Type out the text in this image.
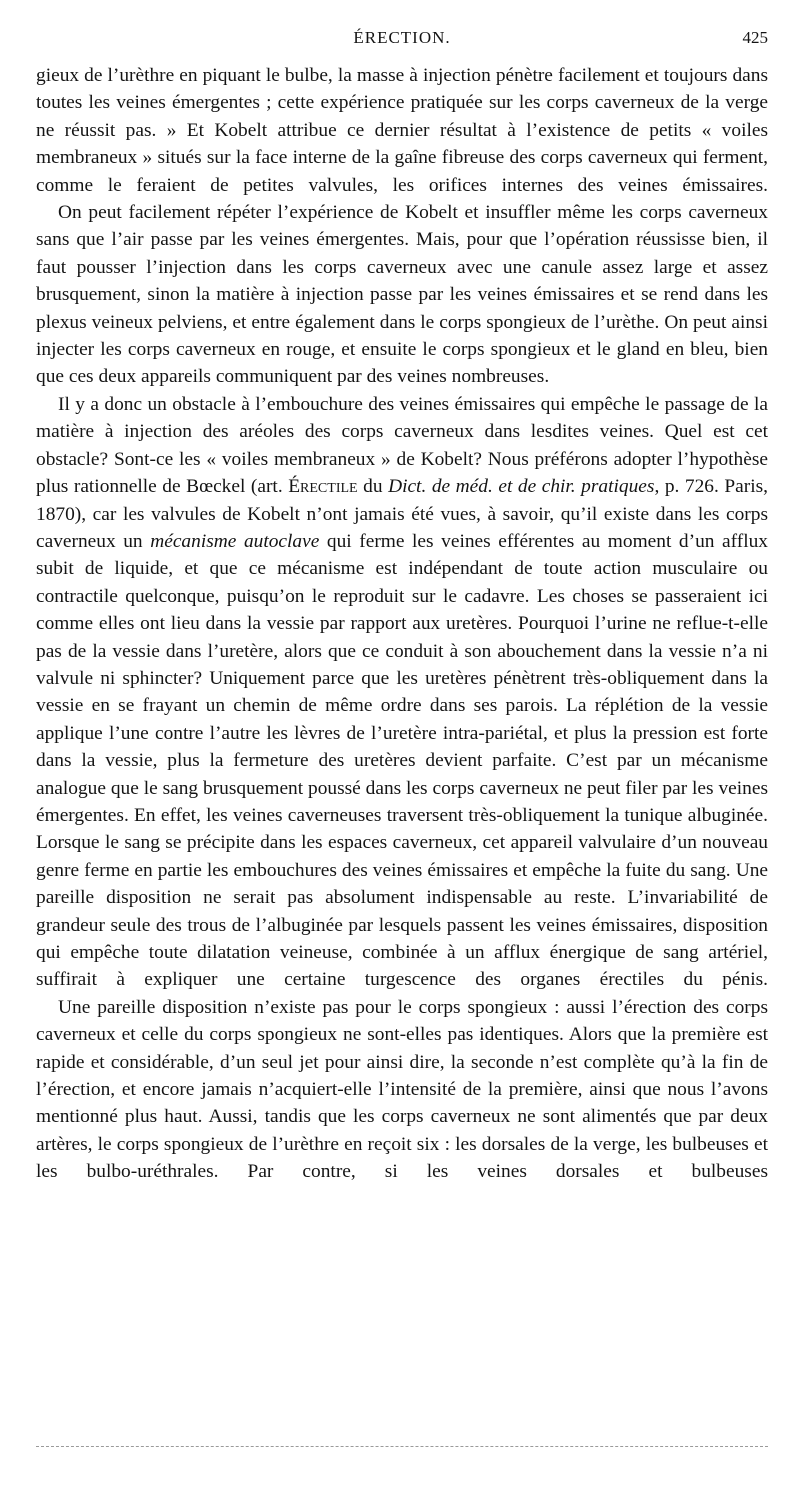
ÉRECTION.	425

gieux de l’urèthre en piquant le bulbe, la masse à injection pénètre facilement et toujours dans toutes les veines émergentes ; cette expérience pratiquée sur les corps caverneux de la verge ne réussit pas. » Et Kobelt attribue ce dernier résultat à l’existence de petits « voiles membraneux » situés sur la face interne de la gaîne fibreuse des corps caverneux qui ferment, comme le feraient de petites valvules, les orifices internes des veines émissaires.

On peut facilement répéter l’expérience de Kobelt et insuffler même les corps caverneux sans que l’air passe par les veines émergentes. Mais, pour que l’opération réussisse bien, il faut pousser l’injection dans les corps caverneux avec une canule assez large et assez brusquement, sinon la matière à injection passe par les veines émissaires et se rend dans les plexus veineux pelviens, et entre également dans le corps spongieux de l’urèthe. On peut ainsi injecter les corps caverneux en rouge, et ensuite le corps spongieux et le gland en bleu, bien que ces deux appareils communiquent par des veines nombreuses.

Il y a donc un obstacle à l’embouchure des veines émissaires qui empêche le passage de la matière à injection des aréoles des corps caverneux dans lesdites veines. Quel est cet obstacle? Sont-ce les « voiles membraneux » de Kobelt? Nous préférons adopter l’hypothèse plus rationnelle de Bœckel (art. Érectile du Dict. de méd. et de chir. pratiques, p. 726. Paris, 1870), car les valvules de Kobelt n’ont jamais été vues, à savoir, qu’il existe dans les corps caverneux un mécanisme autoclave qui ferme les veines efférentes au moment d’un afflux subit de liquide, et que ce mécanisme est indépendant de toute action musculaire ou contractile quelconque, puisqu’on le reproduit sur le cadavre. Les choses se passeraient ici comme elles ont lieu dans la vessie par rapport aux uretères. Pourquoi l’urine ne reflue-t-elle pas de la vessie dans l’uretère, alors que ce conduit à son abouchement dans la vessie n’a ni valvule ni sphincter? Uniquement parce que les uretères pénètrent très-obliquement dans la vessie en se frayant un chemin de même ordre dans ses parois. La réplétion de la vessie applique l’une contre l’autre les lèvres de l’uretère intra-pariétal, et plus la pression est forte dans la vessie, plus la fermeture des uretères devient parfaite. C’est par un mécanisme analogue que le sang brusquement poussé dans les corps caverneux ne peut filer par les veines émergentes. En effet, les veines caverneuses traversent très-obliquement la tunique albuginée. Lorsque le sang se précipite dans les espaces caverneux, cet appareil valvulaire d’un nouveau genre ferme en partie les embouchures des veines émissaires et empêche la fuite du sang. Une pareille disposition ne serait pas absolument indispensable au reste. L’invariabilité de grandeur seule des trous de l’albuginée par lesquels passent les veines émissaires, disposition qui empêche toute dilatation veineuse, combinée à un afflux énergique de sang artériel, suffirait à expliquer une certaine turgescence des organes érectiles du pénis.

Une pareille disposition n’existe pas pour le corps spongieux : aussi l’érection des corps caverneux et celle du corps spongieux ne sont-elles pas identiques. Alors que la première est rapide et considérable, d’un seul jet pour ainsi dire, la seconde n’est complète qu’à la fin de l’érection, et encore jamais n’acquiert-elle l’intensité de la première, ainsi que nous l’avons mentionné plus haut. Aussi, tandis que les corps caverneux ne sont alimentés que par deux artères, le corps spongieux de l’urèthre en reçoit six : les dorsales de la verge, les bulbeuses et les bulbo-uréthrales. Par contre, si les veines dorsales et bulbeuses
